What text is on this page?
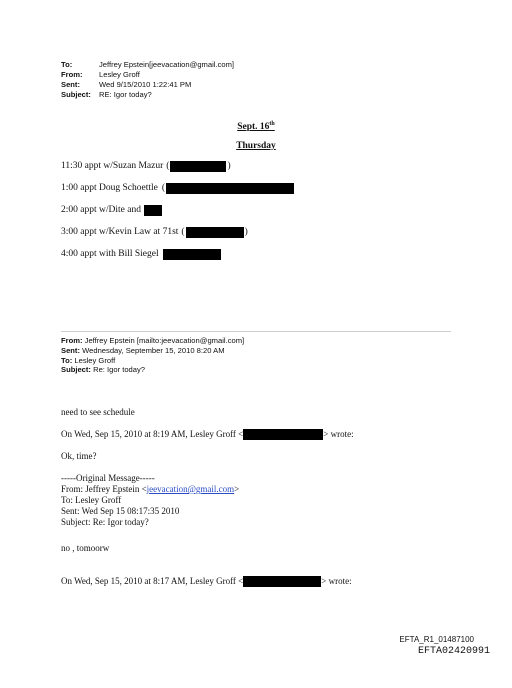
To:	Jeffrey Epstein[jeevacation@gmail.com]
From:	Lesley Groff
Sent:	Wed 9/15/2010 1:22:41 PM
Subject:	RE: Igor today?
Sept. 16th
Thursday
11:30 appt w/Suzan Mazur (	)
1:00 appt Doug Schoettle (
2:00 appt w/Dite and
3:00 appt w/Kevin Law at 71st (	)
4:00 appt with Bill Siegel
From: Jeffrey Epstein [mailto:jeevacation@gmail.com]
Sent: Wednesday, September 15, 2010 8:20 AM
To: Lesley Groff
Subject: Re: Igor today?
need to see schedule
On Wed, Sep 15, 2010 at 8:19 AM, Lesley Groff <	> wrote:
Ok, time?
-----Original Message-----
From: Jeffrey Epstein < jeevacation@gmail.com >
To: Lesley Groff
Sent: Wed Sep 15 08:17:35 2010
Subject: Re: Igor today?
no , tomoorw
On Wed, Sep 15, 2010 at 8:17 AM, Lesley Groff <	> wrote:
EFTA_R1_01487100
EFTA02420991
